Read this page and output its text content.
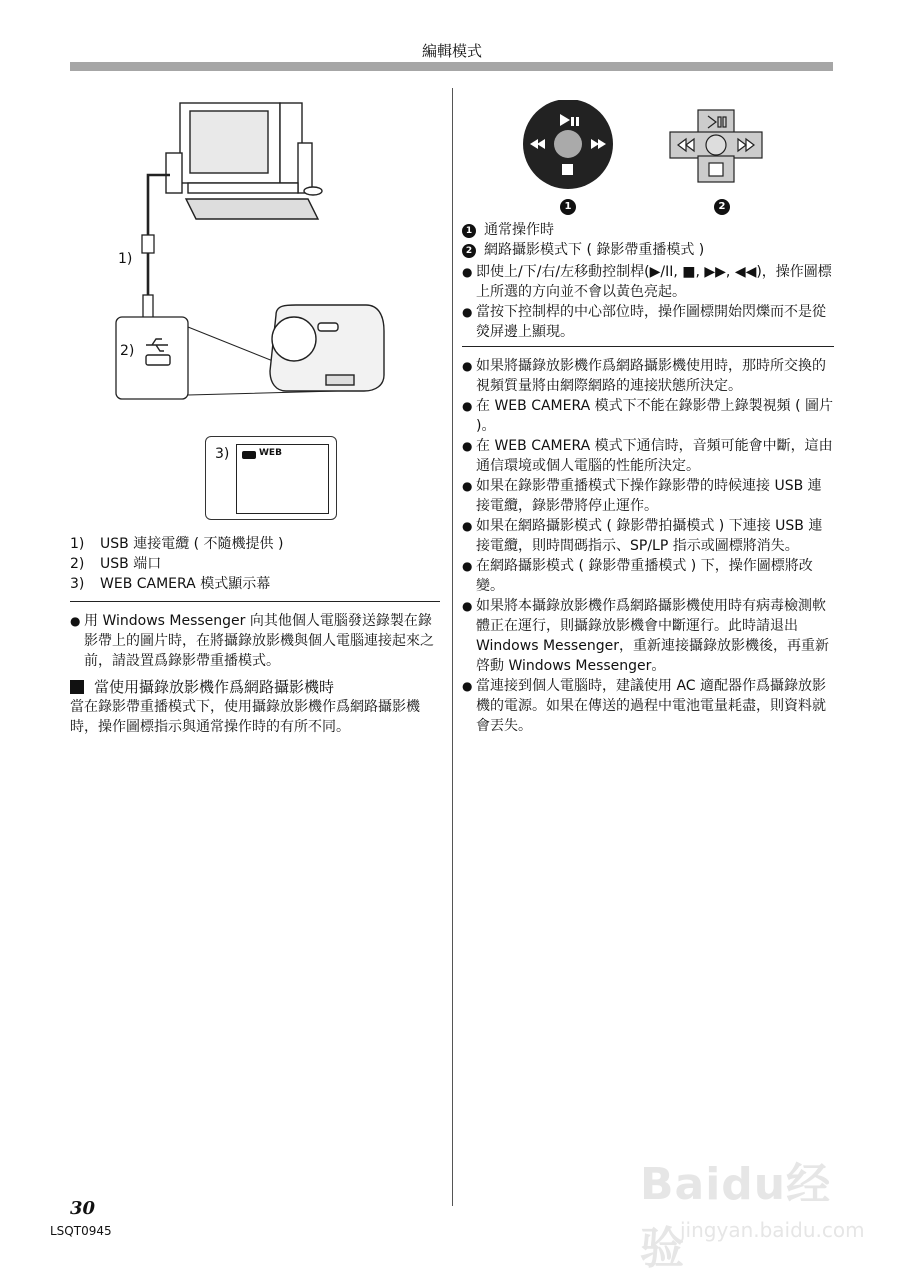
編輯模式
1)
2)
3)	WEB
1)	USB 連接電纜 ( 不隨機提供 )
2)	USB 端口
3)	WEB CAMERA 模式顯示幕
● 用 Windows Messenger 向其他個人電腦發送錄製在錄影帶上的圖片時，在將攝錄放影機與個人電腦連接起來之前，請設置爲錄影帶重播模式。
當使用攝錄放影機作爲網路攝影機時
當在錄影帶重播模式下，使用攝錄放影機作爲網路攝影機時，操作圖標指示與通常操作時的有所不同。
1	2
1 通常操作時
2 網路攝影模式下 ( 錄影帶重播模式 )
● 即使上/下/右/左移動控制桿(▶/II, ■, ▶▶, ◀◀)，操作圖標上所選的方向並不會以黃色亮起。
● 當按下控制桿的中心部位時，操作圖標開始閃爍而不是從熒屏邊上顯現。
● 如果將攝錄放影機作爲網路攝影機使用時，那時所交換的視頻質量將由網際網路的連接狀態所決定。
● 在 WEB CAMERA 模式下不能在錄影帶上錄製視頻 ( 圖片 )。
● 在 WEB CAMERA 模式下通信時，音頻可能會中斷，這由通信環境或個人電腦的性能所決定。
● 如果在錄影帶重播模式下操作錄影帶的時候連接 USB 連接電纜，錄影帶將停止運作。
● 如果在網路攝影模式 ( 錄影帶拍攝模式 ) 下連接 USB 連接電纜，則時間碼指示、SP/LP 指示或圖標將消失。
● 在網路攝影模式 ( 錄影帶重播模式 ) 下，操作圖標將改變。
● 如果將本攝錄放影機作爲網路攝影機使用時有病毒檢測軟體正在運行，則攝錄放影機會中斷運行。此時請退出 Windows Messenger，重新連接攝錄放影機後，再重新啓動 Windows Messenger。
● 當連接到個人電腦時，建議使用 AC 適配器作爲攝錄放影機的電源。如果在傳送的過程中電池電量耗盡，則資料就會丟失。
30
LSQT0945
Baidu经验
jingyan.baidu.com
